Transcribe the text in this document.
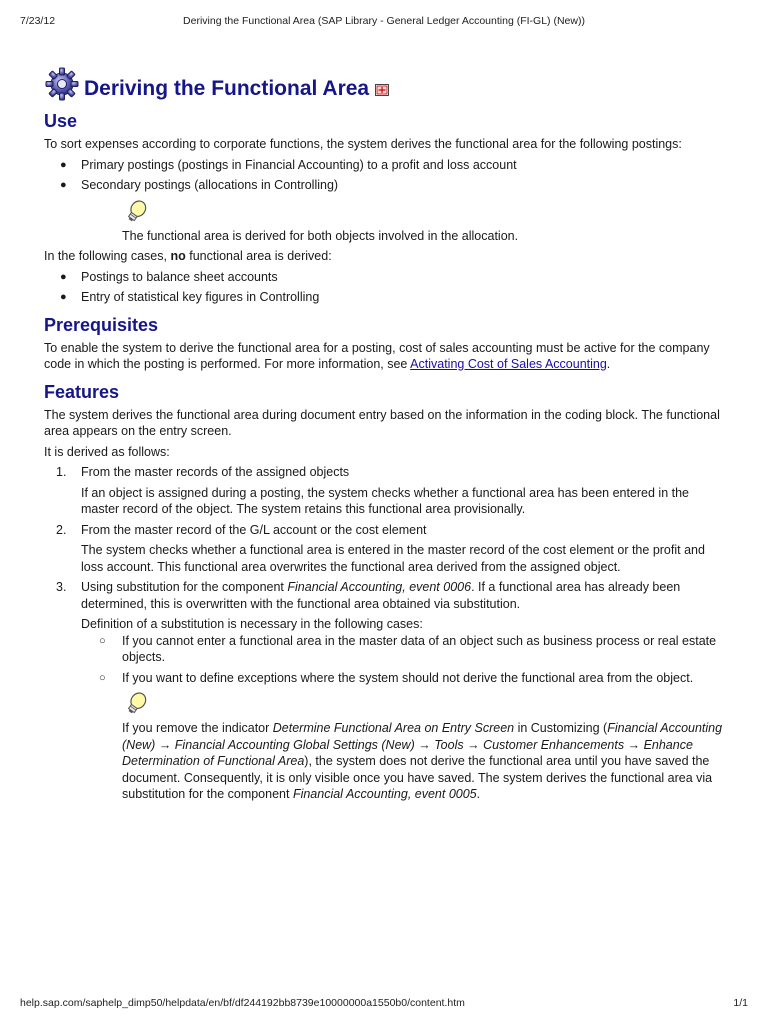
7/23/12	Deriving the Functional Area (SAP Library - General Ledger Accounting (FI-GL) (New))
Deriving the Functional Area
Use

To sort expenses according to corporate functions, the system derives the functional area for the following postings:

● Primary postings (postings in Financial Accounting) to a profit and loss account
● Secondary postings (allocations in Controlling)
The functional area is derived for both objects involved in the allocation.

In the following cases, no functional area is derived:

● Postings to balance sheet accounts
● Entry of statistical key figures in Controlling
Prerequisites

To enable the system to derive the functional area for a posting, cost of sales accounting must be active for the company code in which the posting is performed. For more information, see Activating Cost of Sales Accounting.

Features

The system derives the functional area during document entry based on the information in the coding block. The functional area appears on the entry screen.

It is derived as follows:

1. From the master records of the assigned objects
If an object is assigned during a posting, the system checks whether a functional area has been entered in the master record of the object. The system retains this functional area provisionally.
2. From the master record of the G/L account or the cost element
The system checks whether a functional area is entered in the master record of the cost element or the profit and loss account. This functional area overwrites the functional area derived from the assigned object.
3. Using substitution for the component Financial Accounting, event 0006. If a functional area has already been determined, this is overwritten with the functional area obtained via substitution.
Definition of a substitution is necessary in the following cases:
○ If you cannot enter a functional area in the master data of an object such as business process or real estate objects.
○ If you want to define exceptions where the system should not derive the functional area from the object.
If you remove the indicator Determine Functional Area on Entry Screen in Customizing (Financial Accounting (New) → Financial Accounting Global Settings (New) → Tools → Customer Enhancements → Enhance Determination of Functional Area), the system does not derive the functional area until you have saved the document. Consequently, it is only visible once you have saved. The system derives the functional area via substitution for the component Financial Accounting, event 0005.
help.sap.com/saphelp_dimp50/helpdata/en/bf/df244192bb8739e10000000a1550b0/content.htm	1/1
